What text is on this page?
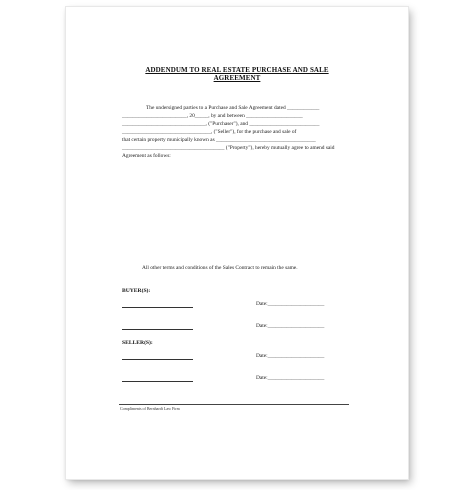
ADDENDUM TO REAL ESTATE PURCHASE AND SALE
AGREEMENT
The undersigned parties to a Purchase and Sale Agreement dated ____________
________________________, 20_____, by and between _____________________
_______________________________, ("Purchaser"), and __________________________
_________________________________, ("Seller"), for the purchase and sale of
that certain property municipally known as _____________________________________
______________________________________ ("Property"), hereby mutually agree to amend said
Agreement as follows:
All other terms and conditions of the Sales Contract to remain the same.
BUYER(S):
Date:_____________________
Date:_____________________
SELLER(S):
Date:_____________________
Date:_____________________
Compliments of Bernhardt Law Firm
